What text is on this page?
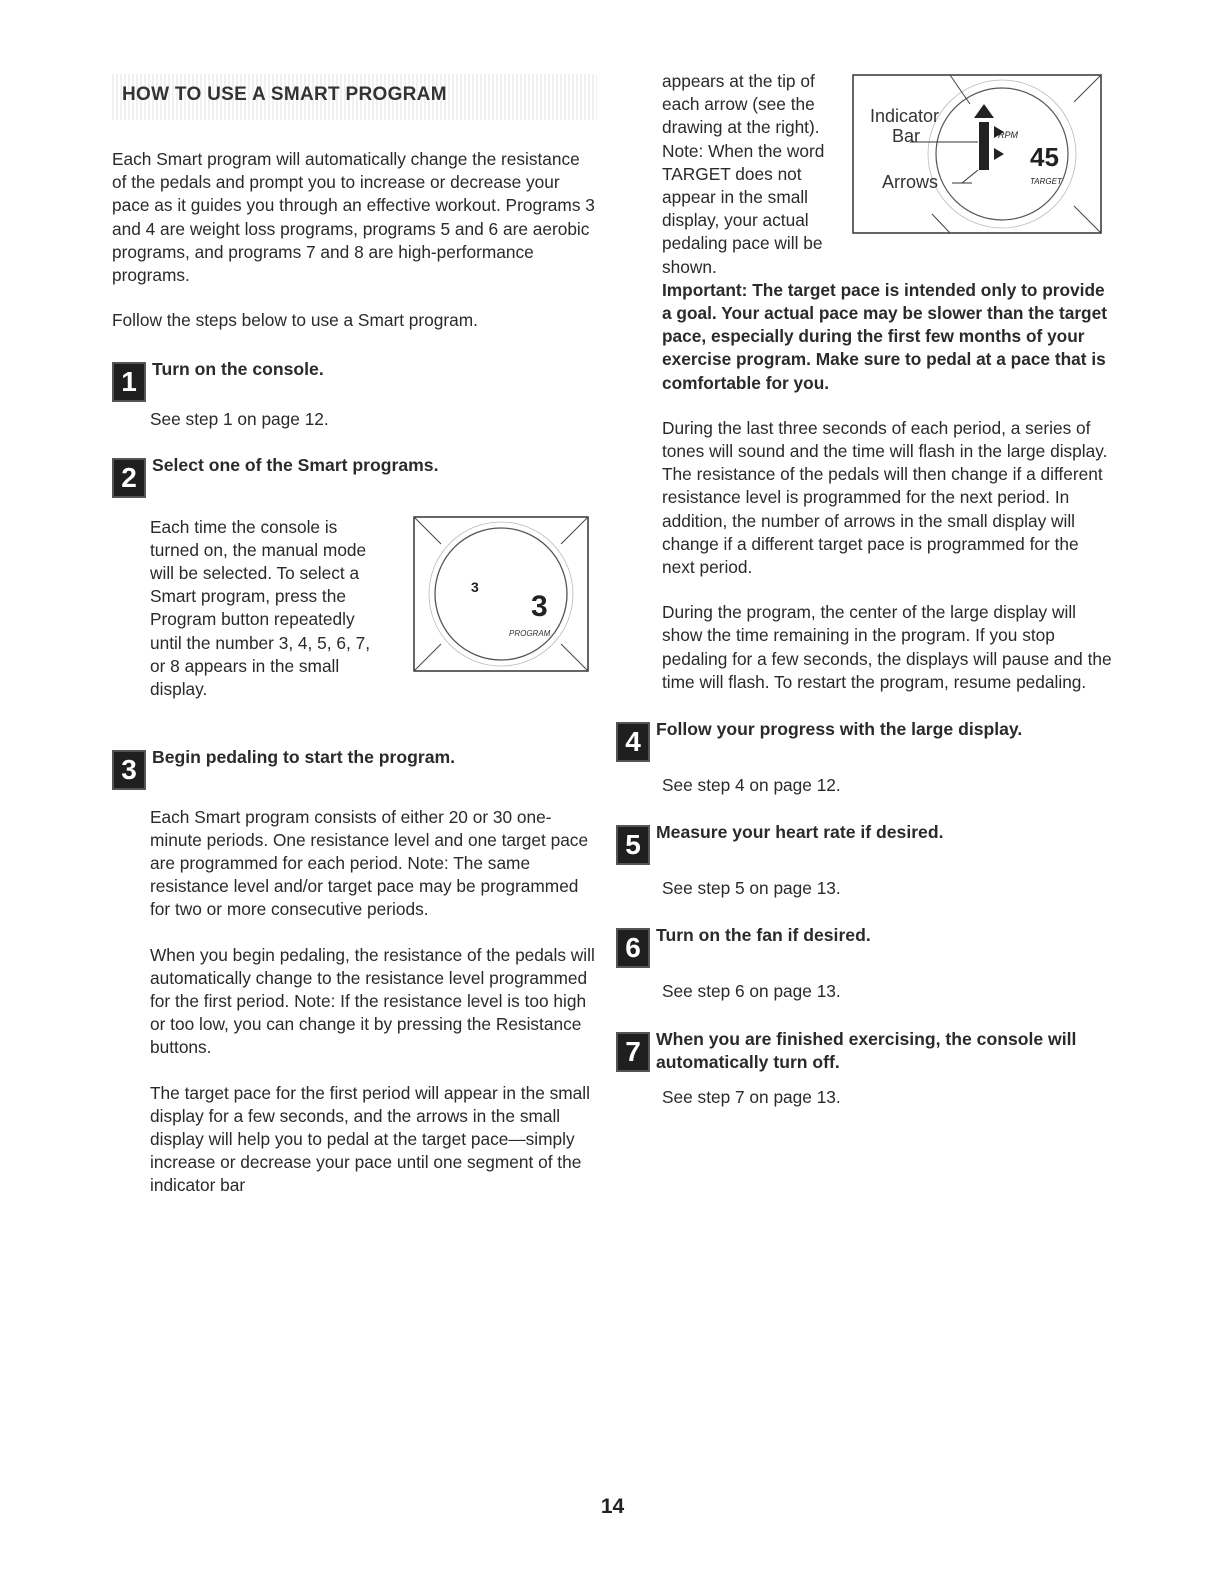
HOW TO USE A SMART PROGRAM

Each Smart program will automatically change the resistance of the pedals and prompt you to increase or decrease your pace as it guides you through an effective workout. Programs 3 and 4 are weight loss programs, programs 5 and 6 are aerobic programs, and programs 7 and 8 are high-performance programs.

Follow the steps below to use a Smart program.

1 Turn on the console.

See step 1 on page 12.

2 Select one of the Smart programs.

Each time the console is turned on, the manual mode will be selected. To select a Smart program, press the Program button repeatedly until the number 3, 4, 5, 6, 7, or 8 appears in the small display.

3
3
PROGRAM
3 Begin pedaling to start the program.

Each Smart program consists of either 20 or 30 one-minute periods. One resistance level and one target pace are programmed for each period. Note: The same resistance level and/or target pace may be programmed for two or more consecutive periods.

When you begin pedaling, the resistance of the pedals will automatically change to the resistance level programmed for the first period. Note: If the resistance level is too high or too low, you can change it by pressing the Resistance buttons.

The target pace for the first period will appear in the small display for a few seconds, and the arrows in the small display will help you to pedal at the target pace—simply increase or decrease your pace until one segment of the indicator bar

Indicator
Bar
Arrows
RPM
45
TARGET

appears at the tip of each arrow (see the drawing at the right). Note: When the word TARGET does not appear in the small display, your actual pedaling pace will be shown.

Important: The target pace is intended only to provide a goal. Your actual pace may be slower than the target pace, especially during the first few months of your exercise program. Make sure to pedal at a pace that is comfortable for you.

During the last three seconds of each period, a series of tones will sound and the time will flash in the large display. The resistance of the pedals will then change if a different resistance level is programmed for the next period. In addition, the number of arrows in the small display will change if a different target pace is programmed for the next period.

During the program, the center of the large display will show the time remaining in the program. If you stop pedaling for a few seconds, the displays will pause and the time will flash. To restart the program, resume pedaling.

4 Follow your progress with the large display.

See step 4 on page 12.

5 Measure your heart rate if desired.

See step 5 on page 13.

6 Turn on the fan if desired.

See step 6 on page 13.

7 When you are finished exercising, the console will automatically turn off.

See step 7 on page 13.

14
